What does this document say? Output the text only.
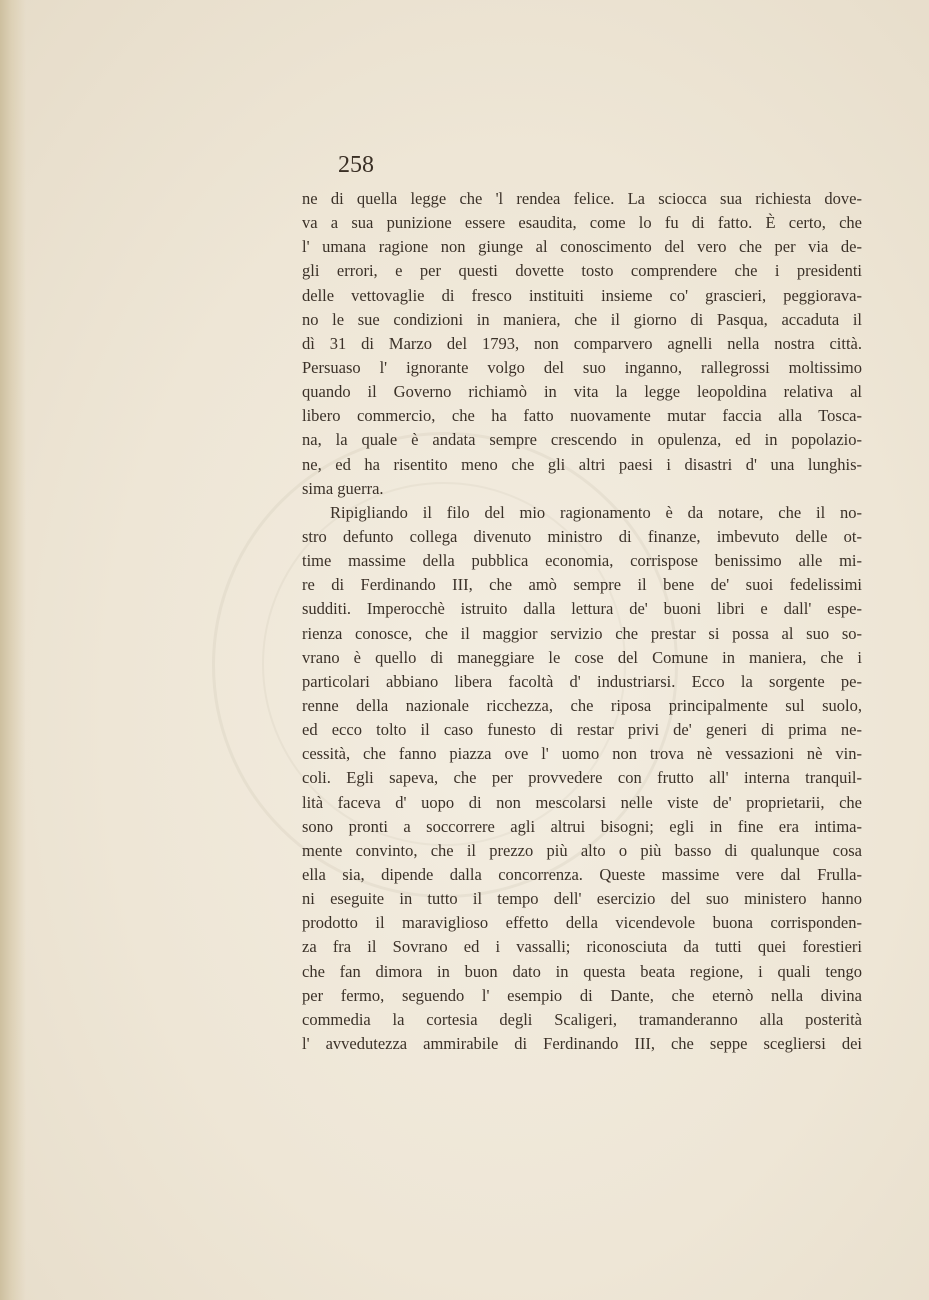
258
ne di quella legge che 'l rendea felice. La sciocca sua richiesta dove-
va a sua punizione essere esaudita, come lo fu di fatto. È certo, che
l' umana ragione non giunge al conoscimento del vero che per via de-
gli errori, e per questi dovette tosto comprendere che i presidenti
delle vettovaglie di fresco instituiti insieme co' grascieri, peggiorava-
no le sue condizioni in maniera, che il giorno di Pasqua, accaduta il
dì 31 di Marzo del 1793, non comparvero agnelli nella nostra città.
Persuaso l' ignorante volgo del suo inganno, rallegrossi moltissimo
quando il Governo richiamò in vita la legge leopoldina relativa al
libero commercio, che ha fatto nuovamente mutar faccia alla Tosca-
na, la quale è andata sempre crescendo in opulenza, ed in popolazio-
ne, ed ha risentito meno che gli altri paesi i disastri d' una lunghis-
sima guerra.
Ripigliando il filo del mio ragionamento è da notare, che il no-
stro defunto collega divenuto ministro di finanze, imbevuto delle ot-
time massime della pubblica economia, corrispose benissimo alle mi-
re di Ferdinando III, che amò sempre il bene de' suoi fedelissimi
sudditi. Imperocchè istruito dalla lettura de' buoni libri e dall' espe-
rienza conosce, che il maggior servizio che prestar si possa al suo so-
vrano è quello di maneggiare le cose del Comune in maniera, che i
particolari abbiano libera facoltà d' industriarsi. Ecco la sorgente pe-
renne della nazionale ricchezza, che riposa principalmente sul suolo,
ed ecco tolto il caso funesto di restar privi de' generi di prima ne-
cessità, che fanno piazza ove l' uomo non trova nè vessazioni nè vin-
coli. Egli sapeva, che per provvedere con frutto all' interna tranquil-
lità faceva d' uopo di non mescolarsi nelle viste de' proprietarii, che
sono pronti a soccorrere agli altrui bisogni; egli in fine era intima-
mente convinto, che il prezzo più alto o più basso di qualunque cosa
ella sia, dipende dalla concorrenza. Queste massime vere dal Frulla-
ni eseguite in tutto il tempo dell' esercizio del suo ministero hanno
prodotto il maraviglioso effetto della vicendevole buona corrisponden-
za fra il Sovrano ed i vassalli; riconosciuta da tutti quei forestieri
che fan dimora in buon dato in questa beata regione, i quali tengo
per fermo, seguendo l' esempio di Dante, che eternò nella divina
commedia la cortesia degli Scaligeri, tramanderanno alla posterità
l' avvedutezza ammirabile di Ferdinando III, che seppe scegliersi dei
